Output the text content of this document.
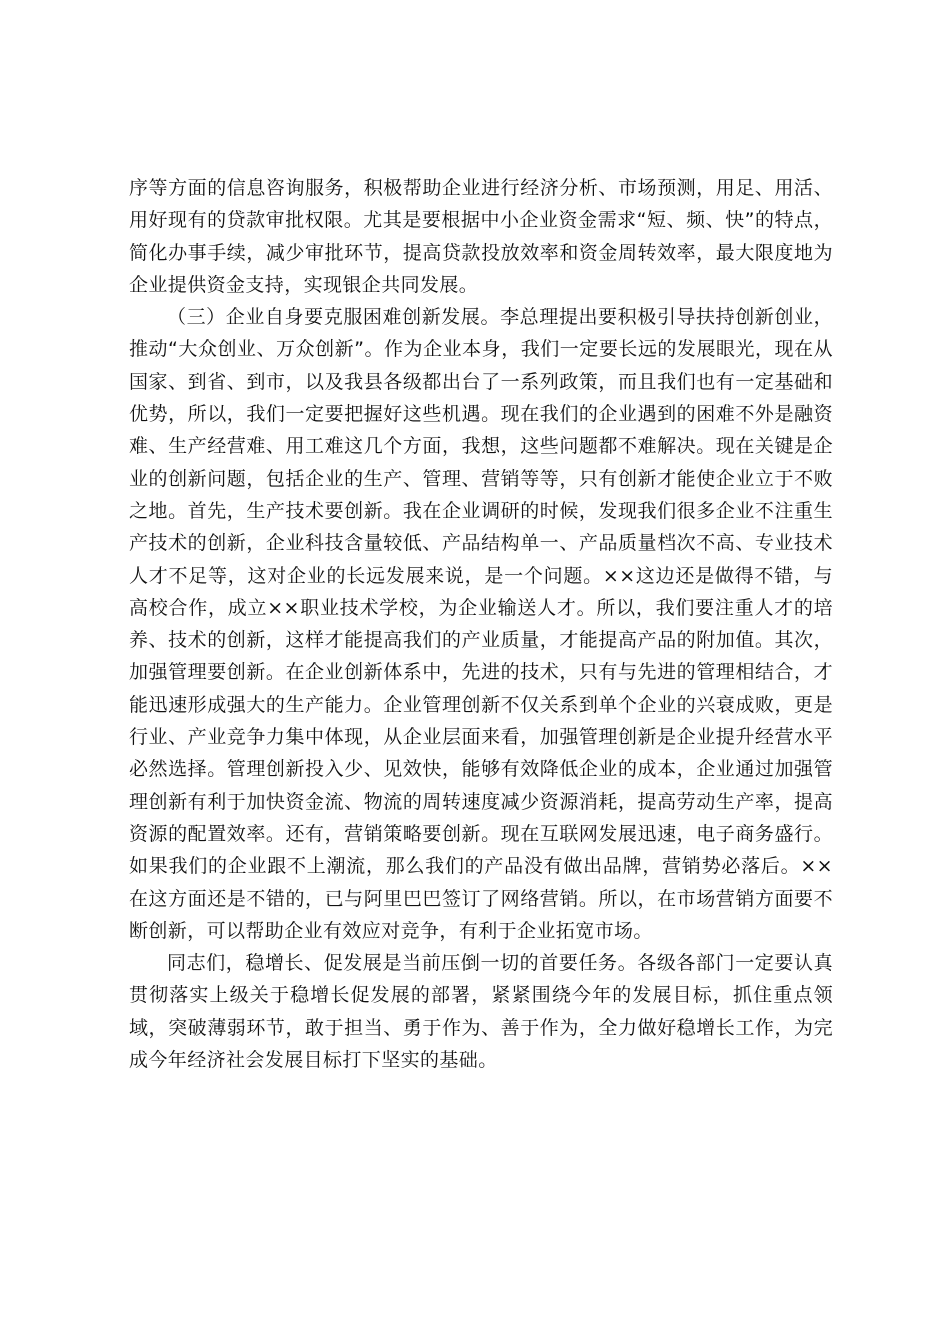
序等方面的信息咨询服务，积极帮助企业进行经济分析、市场预测，用足、用活、用好现有的贷款审批权限。尤其是要根据中小企业资金需求“短、频、快”的特点，简化办事手续，减少审批环节，提高贷款投放效率和资金周转效率，最大限度地为企业提供资金支持，实现银企共同发展。

（三）企业自身要克服困难创新发展。李总理提出要积极引导扶持创新创业，推动“大众创业、万众创新”。作为企业本身，我们一定要长远的发展眼光，现在从国家、到省、到市，以及我县各级都出台了一系列政策，而且我们也有一定基础和优势，所以，我们一定要把握好这些机遇。现在我们的企业遇到的困难不外是融资难、生产经营难、用工难这几个方面，我想，这些问题都不难解决。现在关键是企业的创新问题，包括企业的生产、管理、营销等等，只有创新才能使企业立于不败之地。首先，生产技术要创新。我在企业调研的时候，发现我们很多企业不注重生产技术的创新，企业科技含量较低、产品结构单一、产品质量档次不高、专业技术人才不足等，这对企业的长远发展来说，是一个问题。××这边还是做得不错，与高校合作，成立××职业技术学校，为企业输送人才。所以，我们要注重人才的培养、技术的创新，这样才能提高我们的产业质量，才能提高产品的附加值。其次，加强管理要创新。在企业创新体系中，先进的技术，只有与先进的管理相结合，才能迅速形成强大的生产能力。企业管理创新不仅关系到单个企业的兴衰成败，更是行业、产业竞争力集中体现，从企业层面来看，加强管理创新是企业提升经营水平必然选择。管理创新投入少、见效快，能够有效降低企业的成本，企业通过加强管理创新有利于加快资金流、物流的周转速度减少资源消耗，提高劳动生产率，提高资源的配置效率。还有，营销策略要创新。现在互联网发展迅速，电子商务盛行。如果我们的企业跟不上潮流，那么我们的产品没有做出品牌，营销势必落后。××在这方面还是不错的，已与阿里巴巴签订了网络营销。所以，在市场营销方面要不断创新，可以帮助企业有效应对竞争，有利于企业拓宽市场。

同志们，稳增长、促发展是当前压倒一切的首要任务。各级各部门一定要认真贯彻落实上级关于稳增长促发展的部署，紧紧围绕今年的发展目标，抓住重点领域，突破薄弱环节，敢于担当、勇于作为、善于作为，全力做好稳增长工作，为完成今年经济社会发展目标打下坚实的基础。
